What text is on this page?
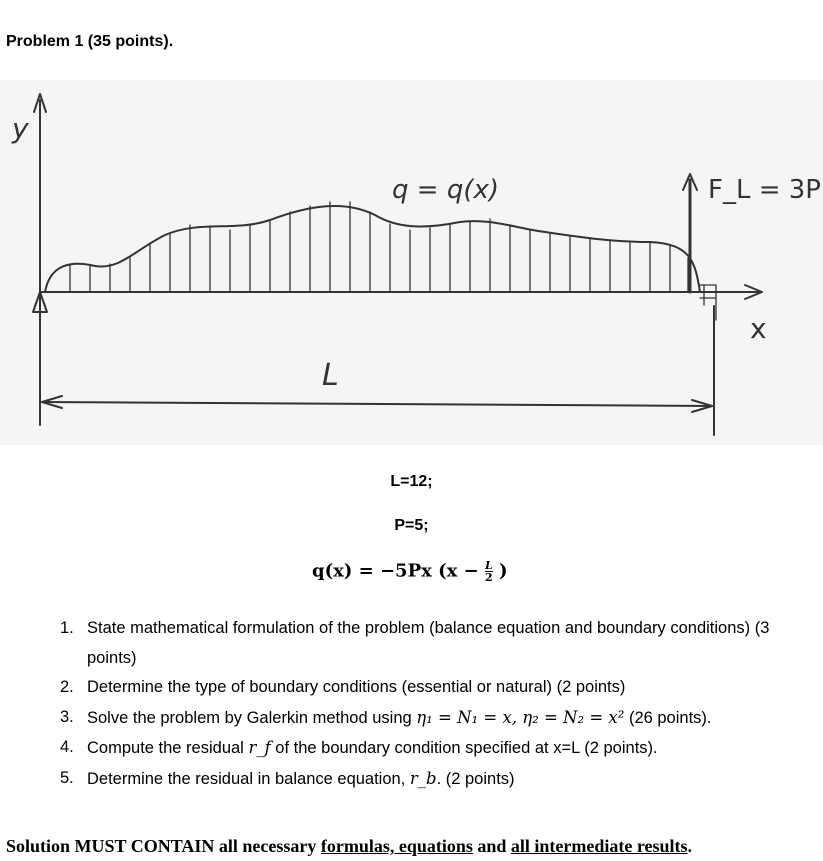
Problem 1 (35 points).
y
x
q = q(x)	F_L = 3P
L
L=12;
P=5;
q(x) = −5Px ($x - \frac{L}{2}$ )
1. State mathematical formulation of the problem (balance equation and boundary conditions) (3 points)
2. Determine the type of boundary conditions (essential or natural) (2 points)
3. Solve the problem by Galerkin method using η₁ = N₁ = x, η₂ = N₂ = x² (26 points).
4. Compute the residual r_f of the boundary condition specified at x=L (2 points).
5. Determine the residual in balance equation, r_b. (2 points)
Solution MUST CONTAIN all necessary formulas, equations and all intermediate results.
